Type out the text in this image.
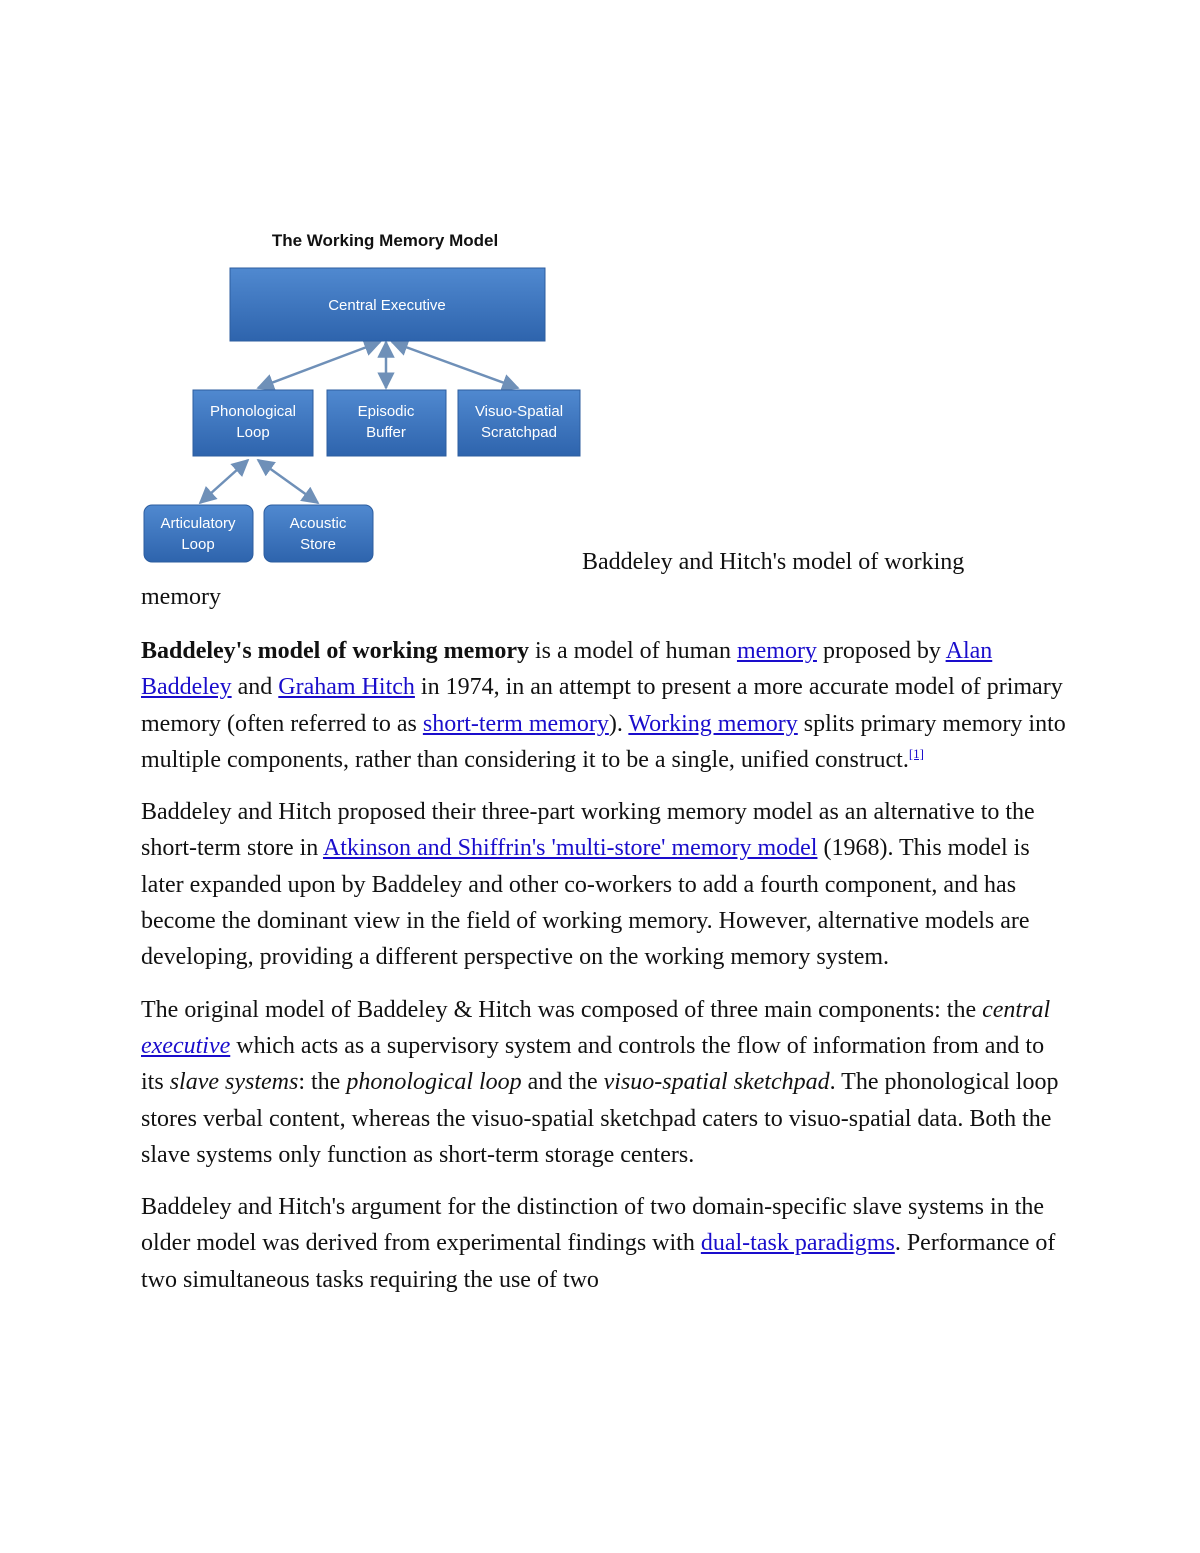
The Working Memory Model
Central Executive
Phonological
Loop
Episodic
Buffer
Visuo-Spatial
Scratchpad
Articulatory
Loop
Acoustic
Store
Baddeley and Hitch's model of working
memory

Baddeley's model of working memory is a model of human memory proposed by Alan Baddeley and Graham Hitch in 1974, in an attempt to present a more accurate model of primary memory (often referred to as short-term memory). Working memory splits primary memory into multiple components, rather than considering it to be a single, unified construct.[1]

Baddeley and Hitch proposed their three-part working memory model as an alternative to the short-term store in Atkinson and Shiffrin's 'multi-store' memory model (1968). This model is later expanded upon by Baddeley and other co-workers to add a fourth component, and has become the dominant view in the field of working memory. However, alternative models are developing, providing a different perspective on the working memory system.

The original model of Baddeley & Hitch was composed of three main components: the central executive which acts as a supervisory system and controls the flow of information from and to its slave systems: the phonological loop and the visuo-spatial sketchpad. The phonological loop stores verbal content, whereas the visuo-spatial sketchpad caters to visuo-spatial data. Both the slave systems only function as short-term storage centers.

Baddeley and Hitch's argument for the distinction of two domain-specific slave systems in the older model was derived from experimental findings with dual-task paradigms. Performance of two simultaneous tasks requiring the use of two
